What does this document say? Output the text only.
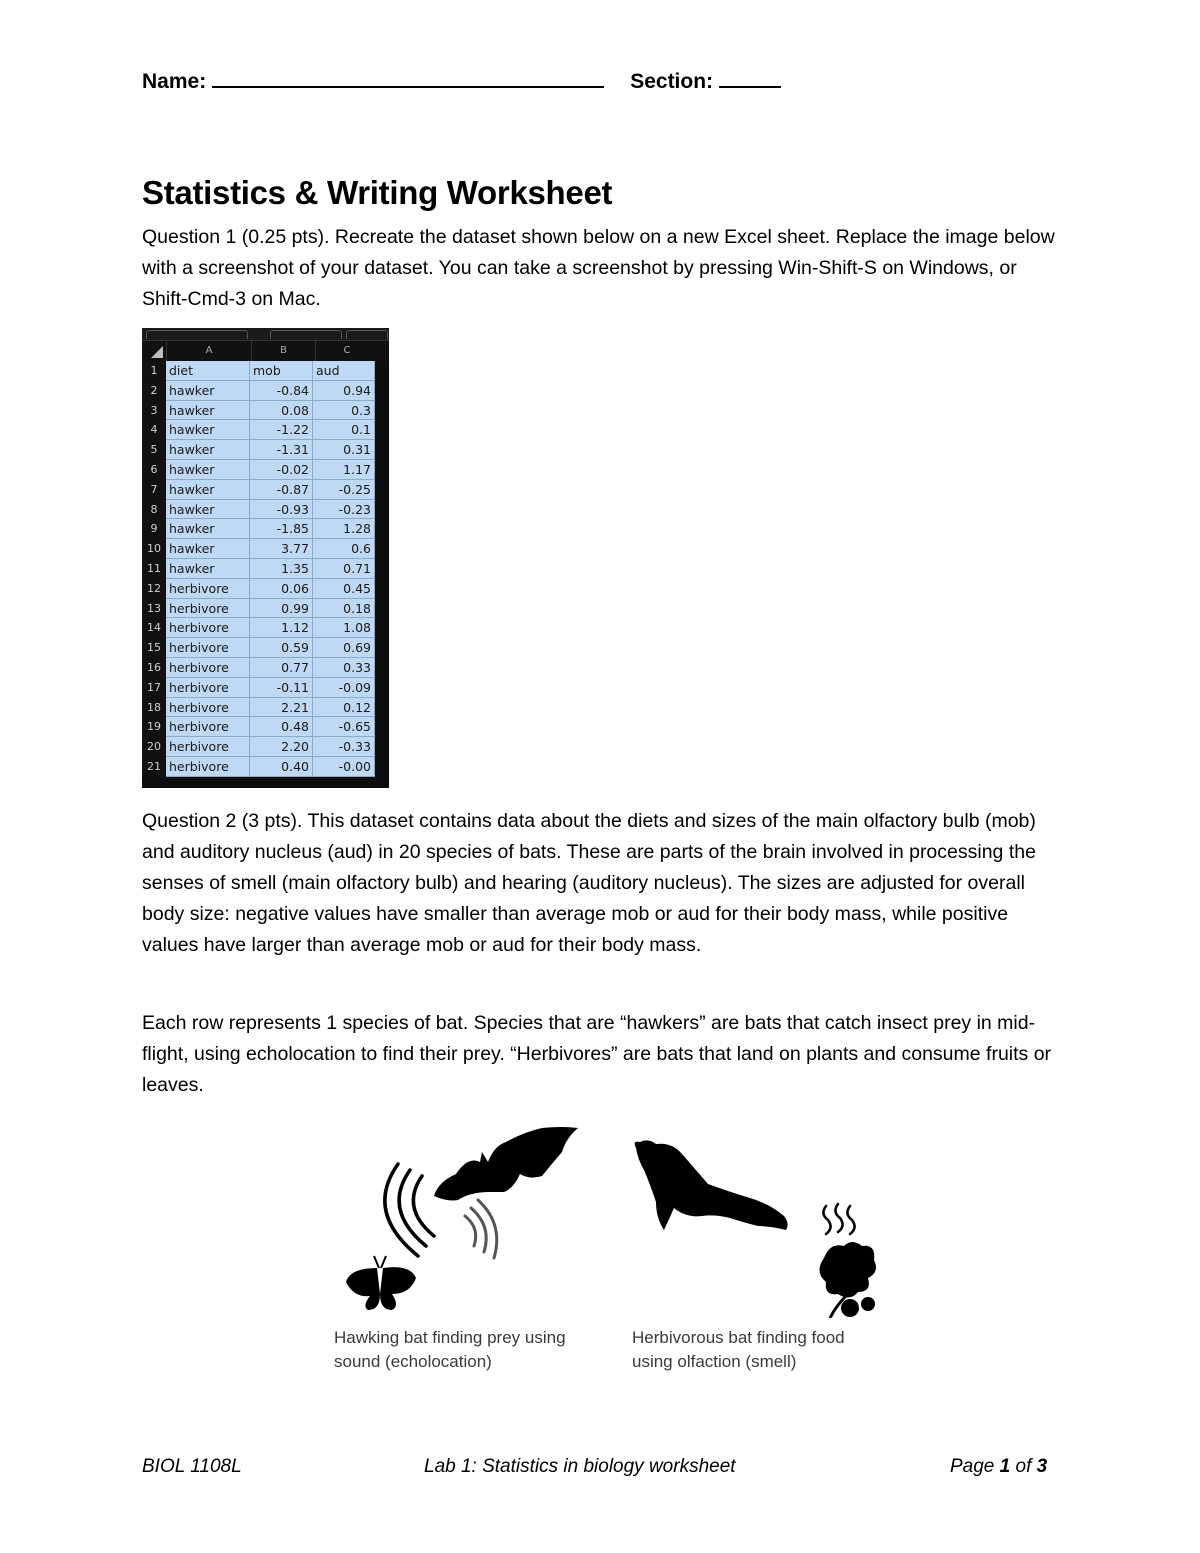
Name:	Section:
Statistics & Writing Worksheet

Question 1 (0.25 pts). Recreate the dataset shown below on a new Excel sheet. Replace the image below with a screenshot of your dataset. You can take a screenshot by pressing Win-Shift-S on Windows, or Shift-Cmd-3 on Mac.

A	B	C
1 diet	mob	aud
2 hawker	-0.84	0.94
3 hawker	0.08	0.3
4 hawker	-1.22	0.1
5 hawker	-1.31	0.31
6 hawker	-0.02	1.17
7 hawker	-0.87	-0.25
8 hawker	-0.93	-0.23
9 hawker	-1.85	1.28
10 hawker	3.77	0.6
11 hawker	1.35	0.71
12 herbivore	0.06	0.45
13 herbivore	0.99	0.18
14 herbivore	1.12	1.08
15 herbivore	0.59	0.69
16 herbivore	0.77	0.33
17 herbivore	-0.11	-0.09
18 herbivore	2.21	0.12
19 herbivore	0.48	-0.65
20 herbivore	2.20	-0.33
21 herbivore	0.40	-0.00

Question 2 (3 pts). This dataset contains data about the diets and sizes of the main olfactory bulb (mob) and auditory nucleus (aud) in 20 species of bats. These are parts of the brain involved in processing the senses of smell (main olfactory bulb) and hearing (auditory nucleus). The sizes are adjusted for overall body size: negative values have smaller than average mob or aud for their body mass, while positive values have larger than average mob or aud for their body mass.

Each row represents 1 species of bat. Species that are “hawkers” are bats that catch insect prey in mid-flight, using echolocation to find their prey. “Herbivores” are bats that land on plants and consume fruits or leaves.

Hawking bat finding prey using
sound (echolocation)

Herbivorous bat finding food
using olfaction (smell)

BIOL 1108L	Lab 1: Statistics in biology worksheet	Page 1 of 3
